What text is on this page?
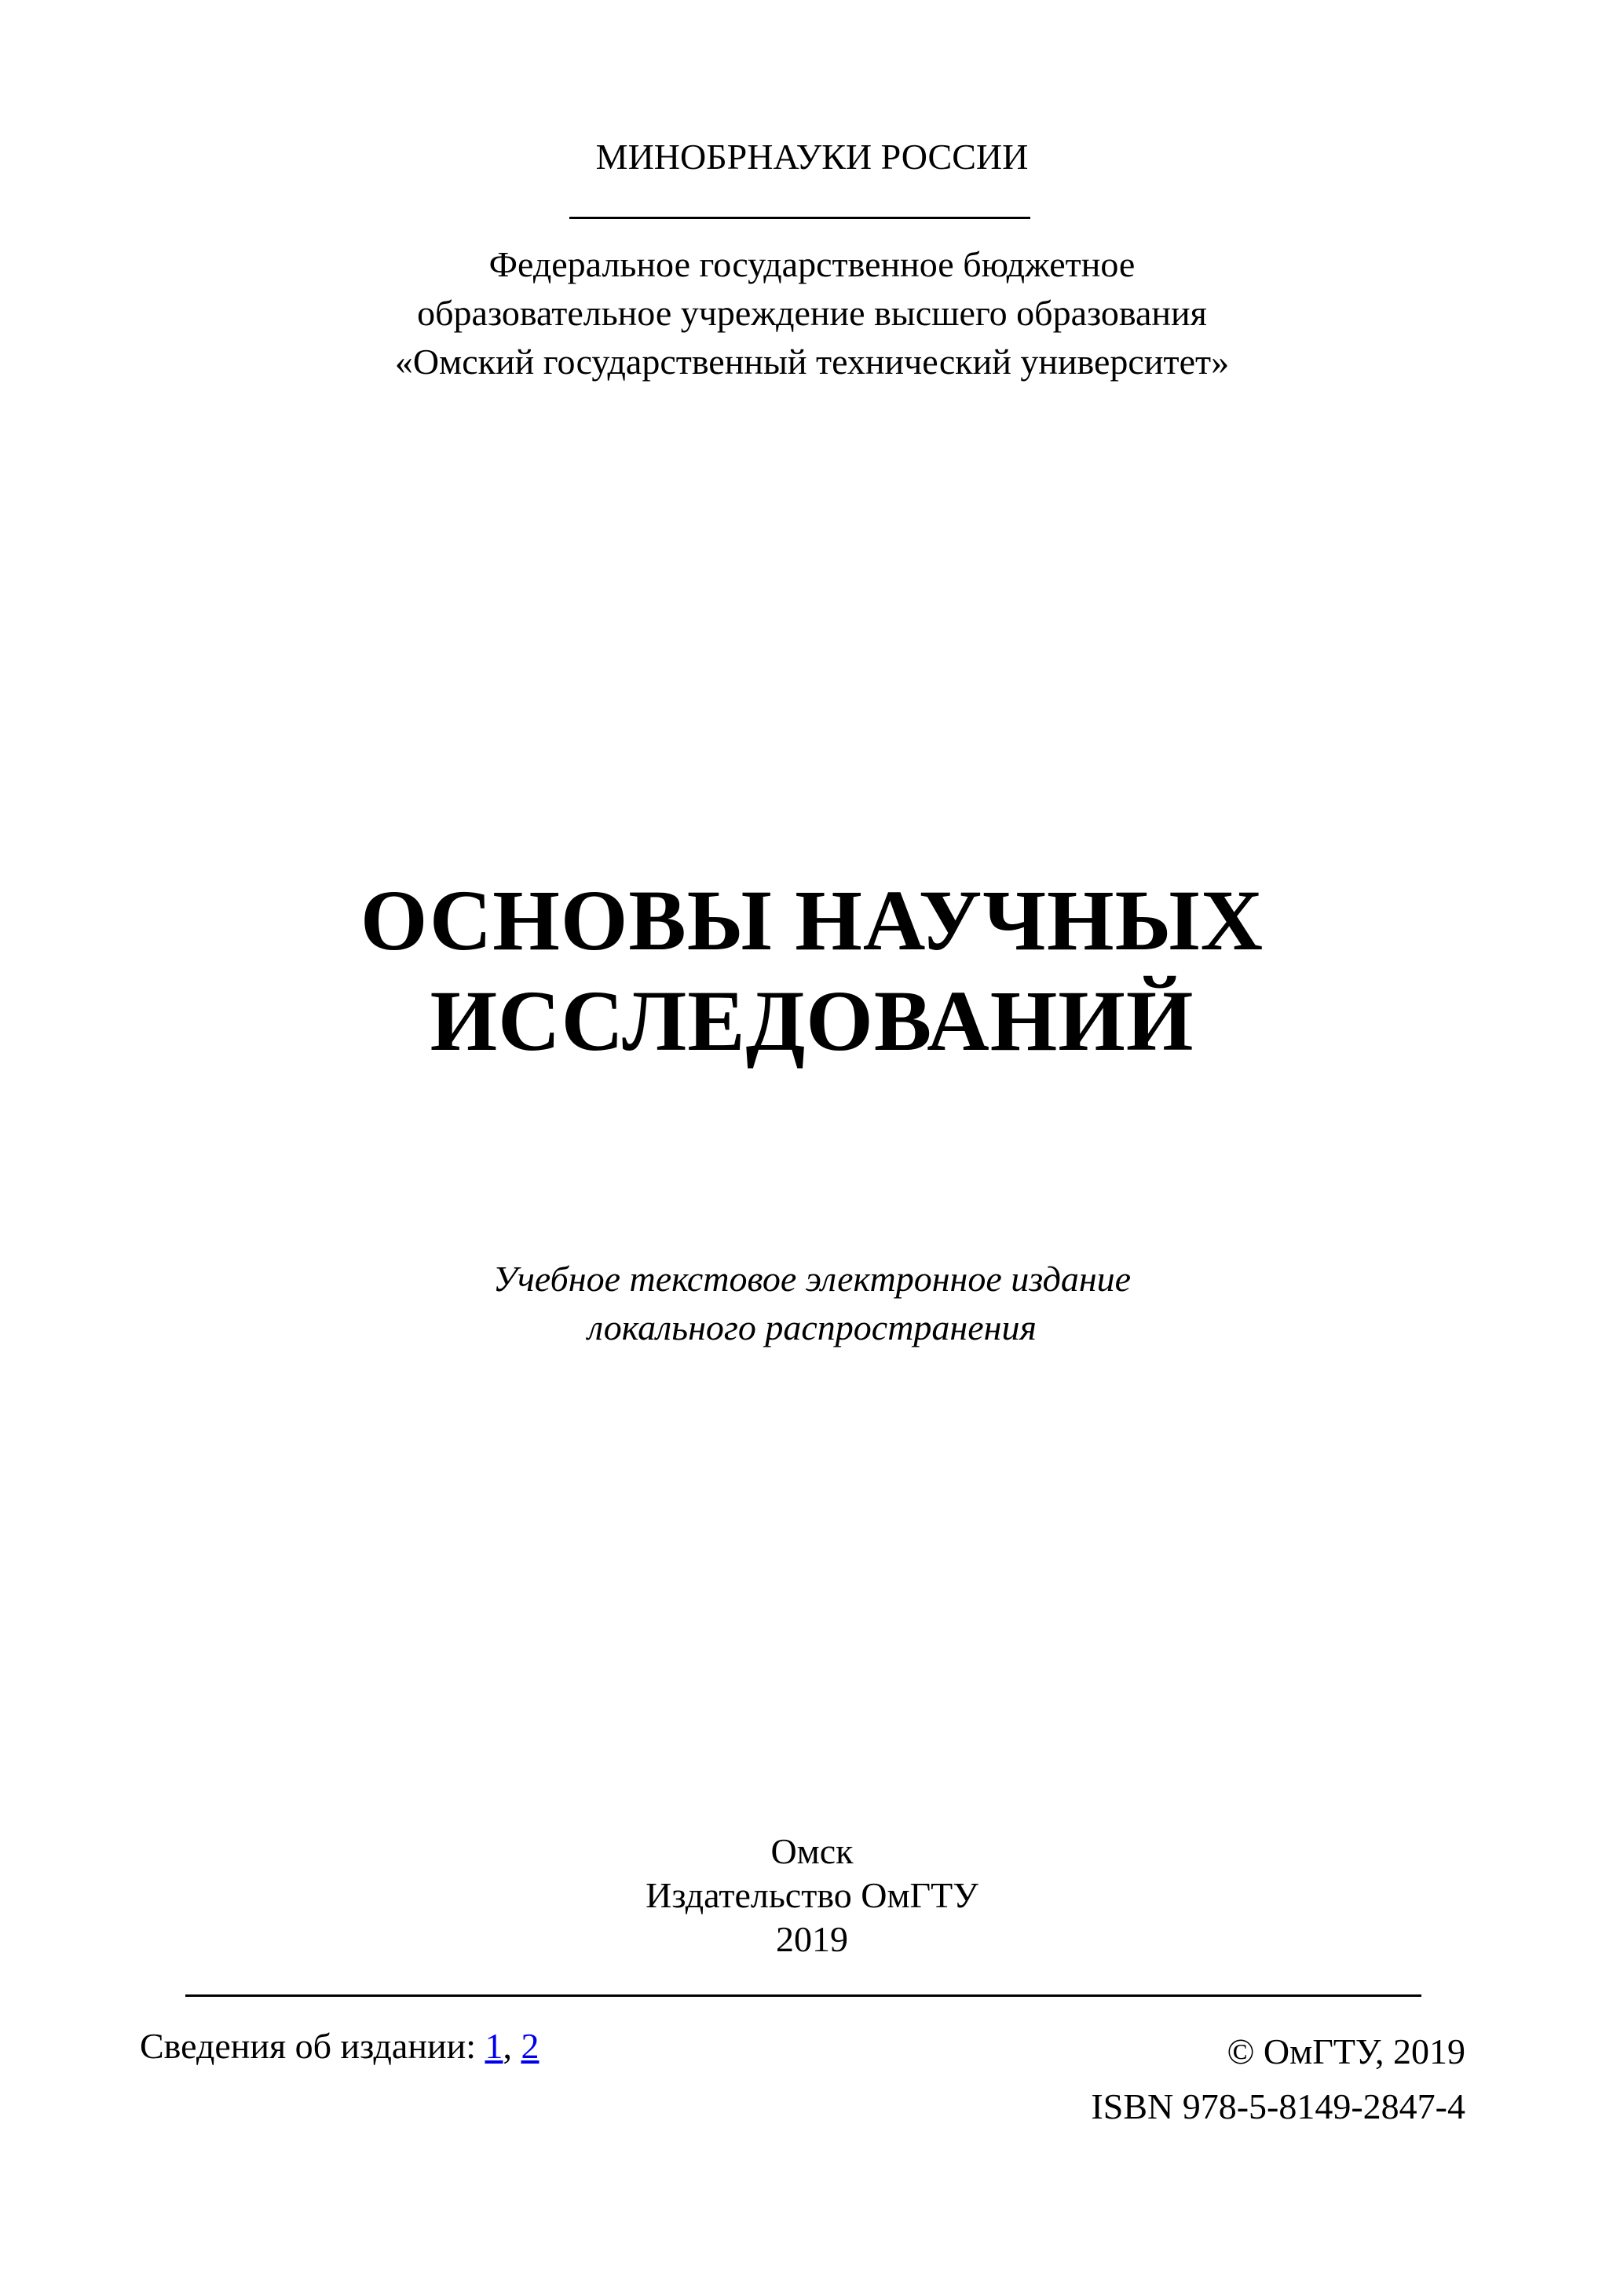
МИНОБРНАУКИ РОССИИ
Федеральное государственное бюджетное
образовательное учреждение высшего образования
«Омский государственный технический университет»
ОСНОВЫ НАУЧНЫХ
ИССЛЕДОВАНИЙ
Учебное текстовое электронное издание
локального распространения
Омск
Издательство ОмГТУ
2019
Сведения об издании: 1, 2	© ОмГТУ, 2019
ISBN 978-5-8149-2847-4
